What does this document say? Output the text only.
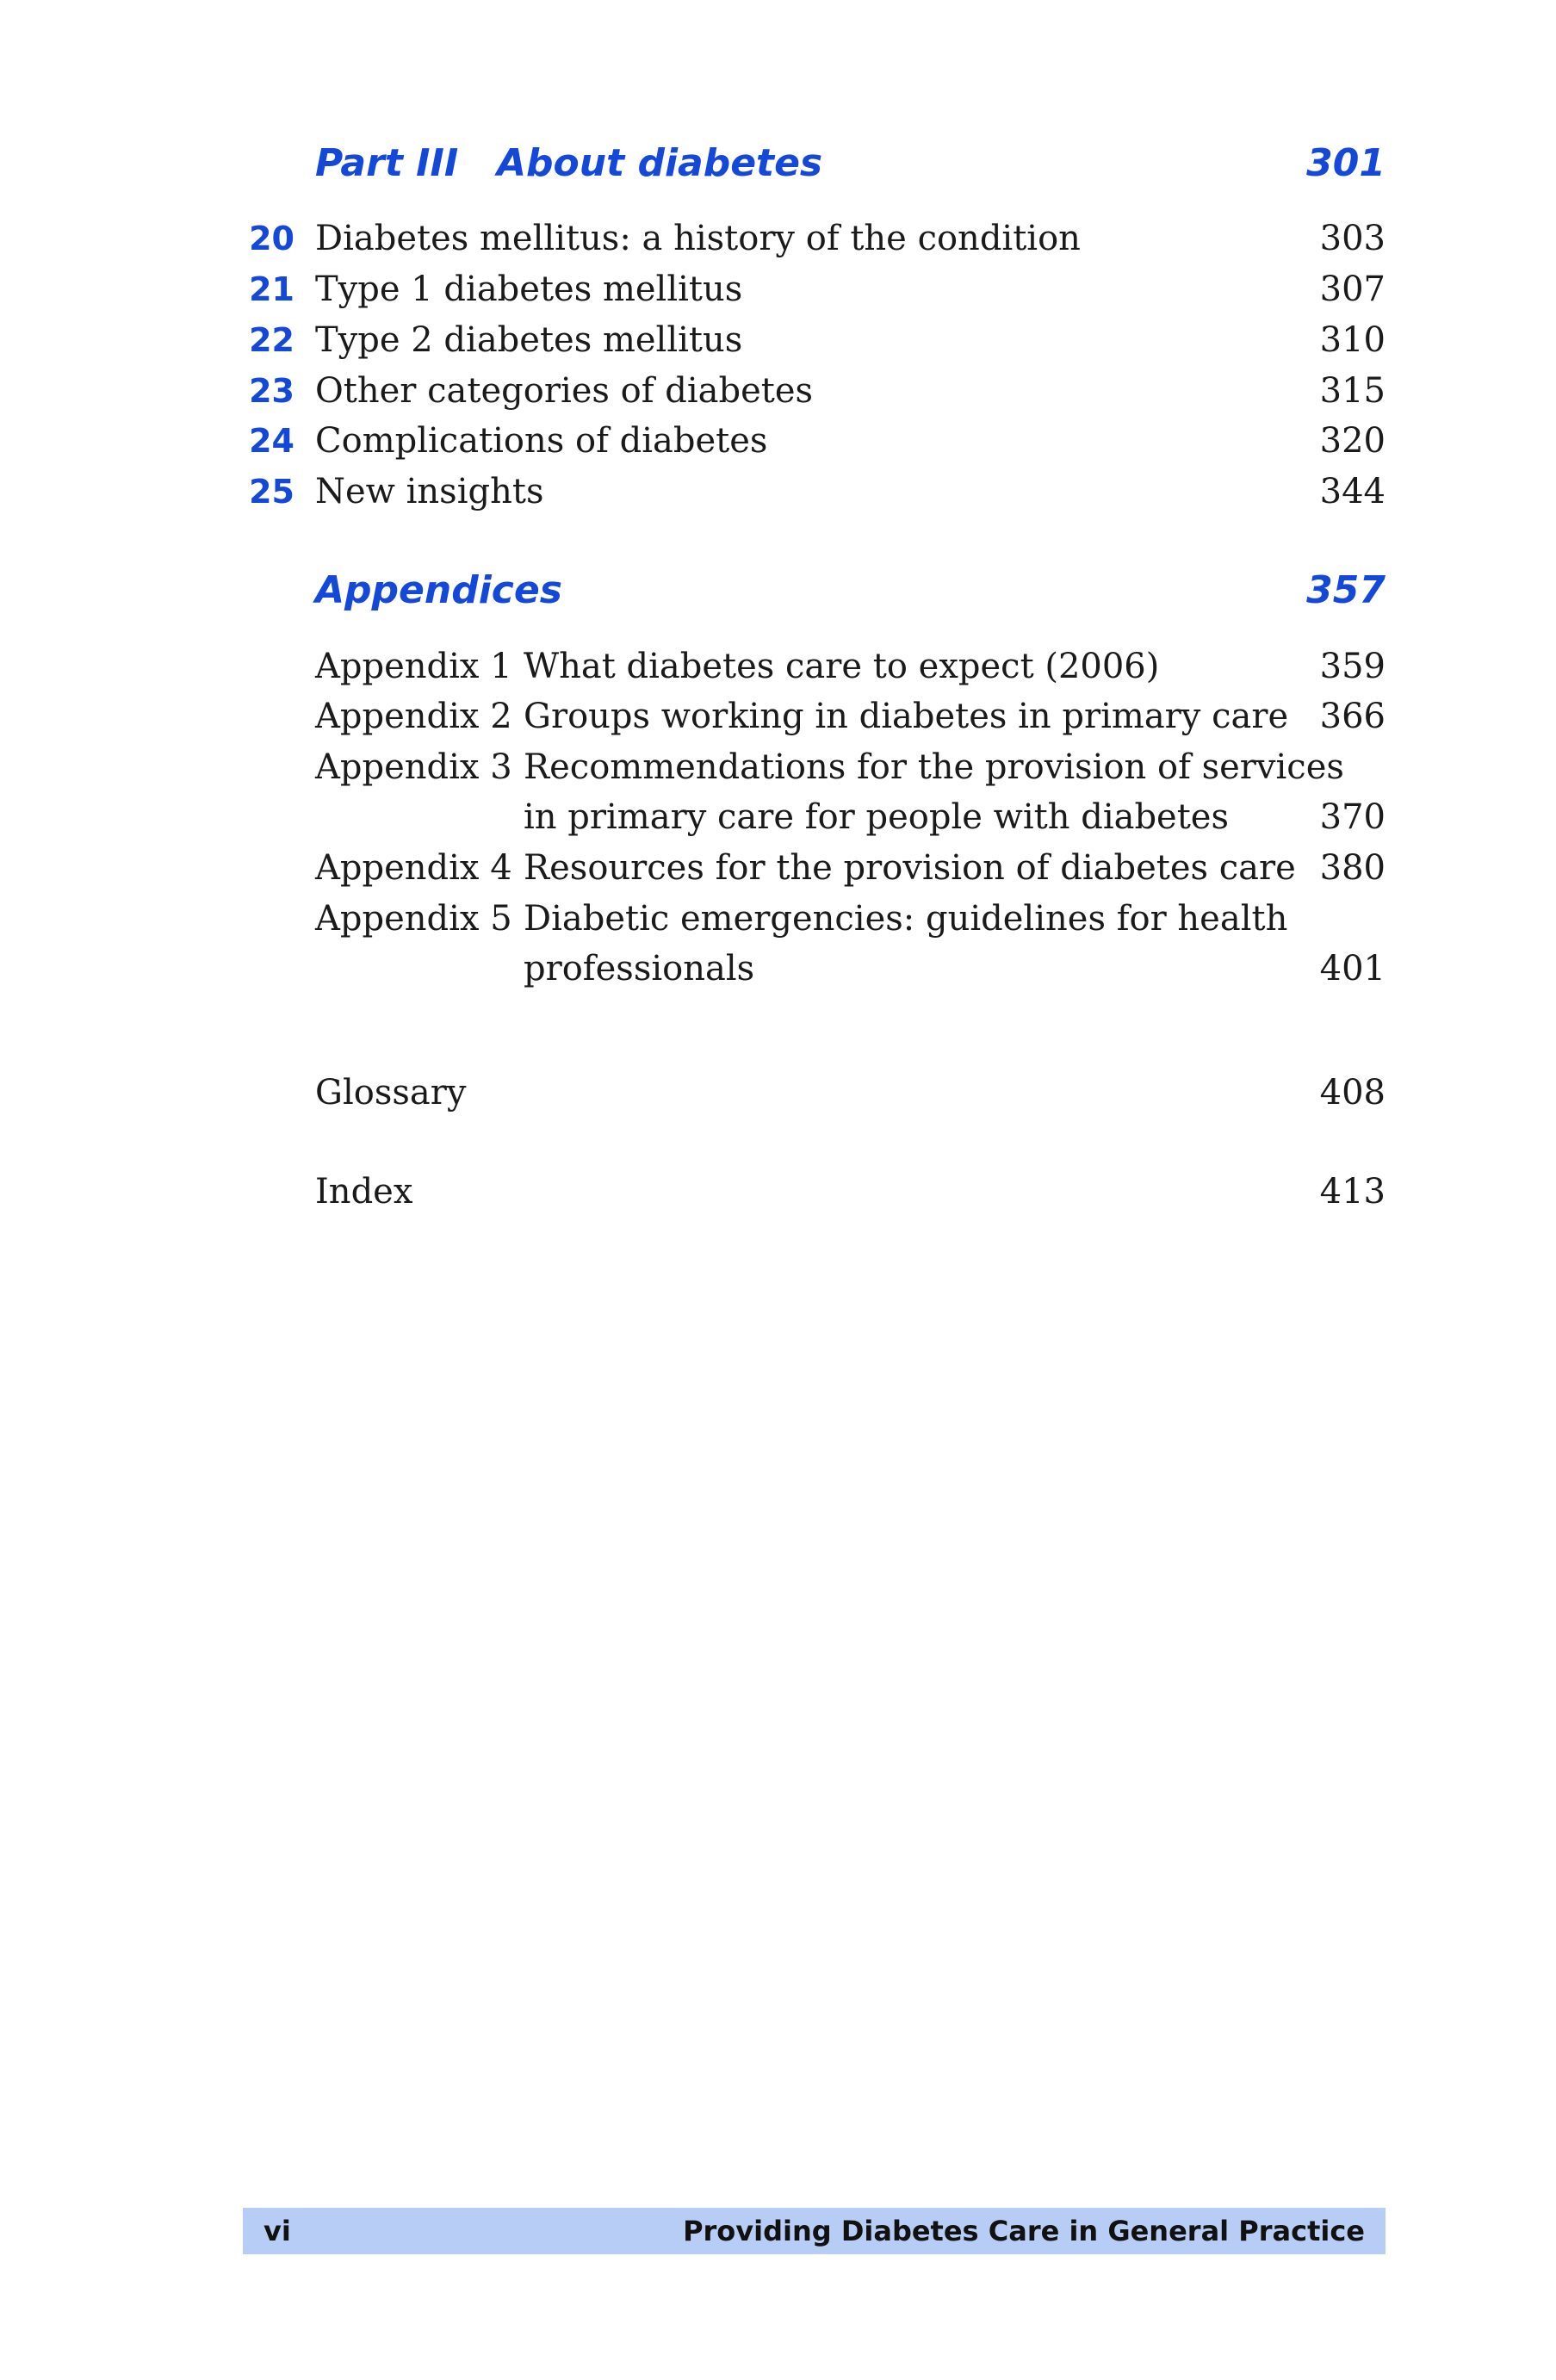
Part III About diabetes	301
20 Diabetes mellitus: a history of the condition	303
21 Type 1 diabetes mellitus	307
22 Type 2 diabetes mellitus	310
23 Other categories of diabetes	315
24 Complications of diabetes	320
25 New insights	344
Appendices	357
Appendix 1 What diabetes care to expect (2006)	359
Appendix 2 Groups working in diabetes in primary care 366
Appendix 3 Recommendations for the provision of services
in primary care for people with diabetes	370
Appendix 4 Resources for the provision of diabetes care 380
Appendix 5 Diabetic emergencies: guidelines for health
professionals	401
Glossary	408
Index	413
vi	Providing Diabetes Care in General Practice
